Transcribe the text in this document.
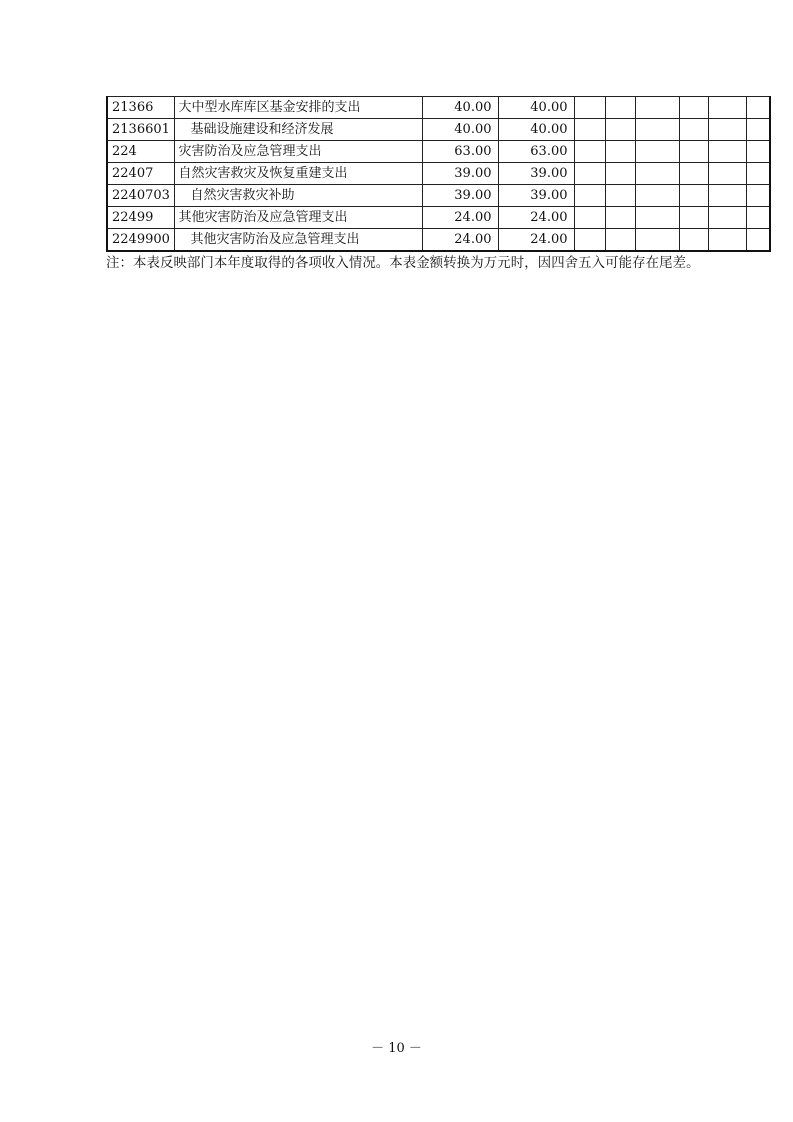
21366	大中型水库库区基金安排的支出	40.00	40.00						
2136601	基础设施建设和经济发展	40.00	40.00						
224	灾害防治及应急管理支出	63.00	63.00						
22407	自然灾害救灾及恢复重建支出	39.00	39.00						
2240703	自然灾害救灾补助	39.00	39.00						
22499	其他灾害防治及应急管理支出	24.00	24.00						
2249900	其他灾害防治及应急管理支出	24.00	24.00						
注：本表反映部门本年度取得的各项收入情况。本表金额转换为万元时，因四舍五入可能存在尾差。
－ 10 －
